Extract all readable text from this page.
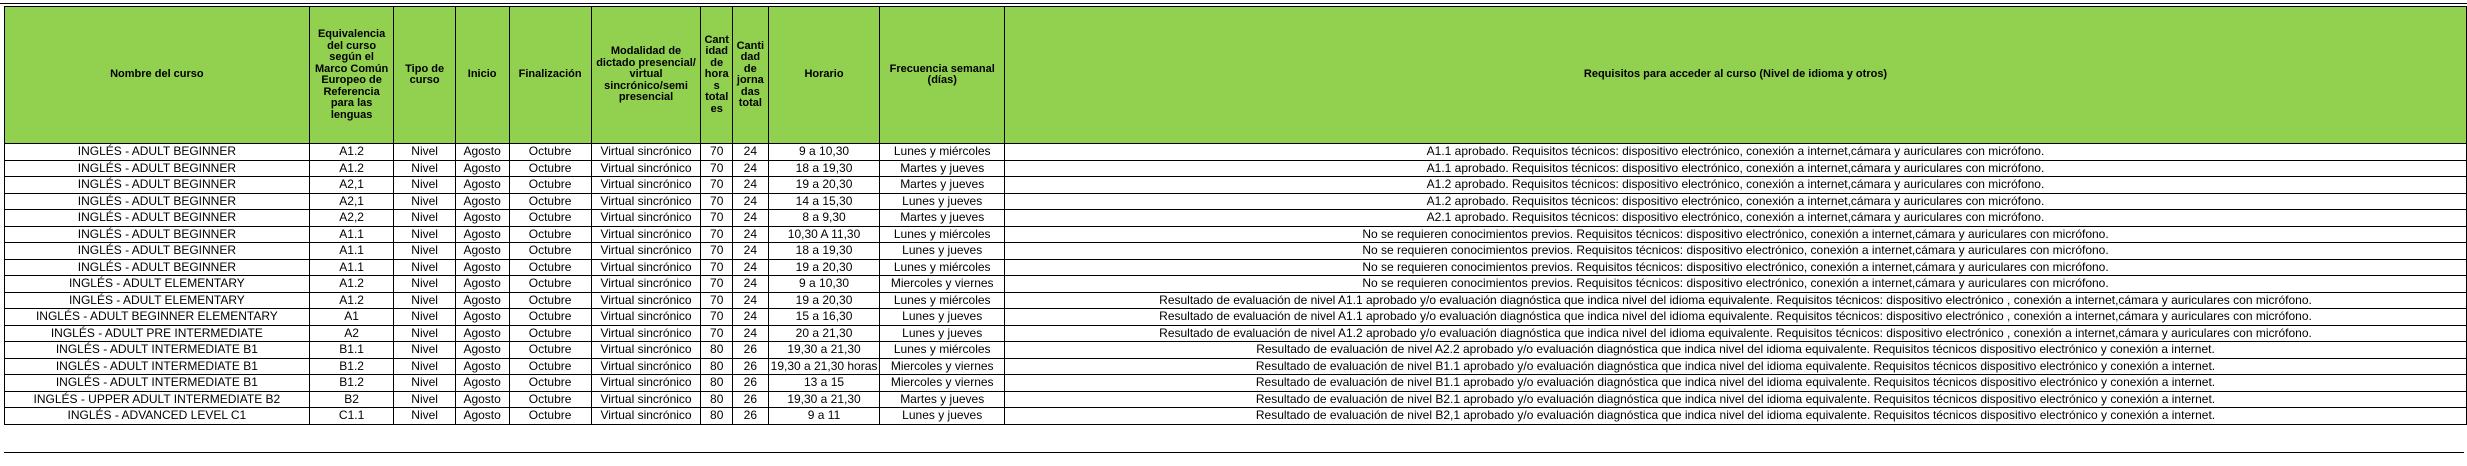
Nombre del curso	Equivalencia del curso según el Marco Común Europeo de Referencia para las lenguas	Tipo de curso	Inicio	Finalización	Modalidad de dictado presencial/ virtual sincrónico/semi presencial	Cantidad de horas totales	Cantidad de jornadas total	Horario	Frecuencia semanal (días)	Requisitos para acceder al curso (Nivel de idioma y otros)
INGLÉS - ADULT BEGINNER	A1.2	Nivel	Agosto	Octubre	Virtual sincrónico	70	24	9 a 10,30	Lunes y miércoles	A1.1 aprobado. Requisitos técnicos: dispositivo electrónico, conexión a internet,cámara y auriculares con micrófono.
INGLÉS - ADULT BEGINNER	A1.2	Nivel	Agosto	Octubre	Virtual sincrónico	70	24	18 a 19,30	Martes y jueves	A1.1 aprobado. Requisitos técnicos: dispositivo electrónico, conexión a internet,cámara y auriculares con micrófono.
INGLÉS - ADULT BEGINNER	A2,1	Nivel	Agosto	Octubre	Virtual sincrónico	70	24	19 a 20,30	Martes y jueves	A1.2 aprobado. Requisitos técnicos: dispositivo electrónico, conexión a internet,cámara y auriculares con micrófono.
INGLÉS - ADULT BEGINNER	A2,1	Nivel	Agosto	Octubre	Virtual sincrónico	70	24	14 a 15,30	Lunes y jueves	A1.2 aprobado. Requisitos técnicos: dispositivo electrónico, conexión a internet,cámara y auriculares con micrófono.
INGLÉS - ADULT BEGINNER	A2,2	Nivel	Agosto	Octubre	Virtual sincrónico	70	24	8 a 9,30	Martes y jueves	A2.1 aprobado. Requisitos técnicos: dispositivo electrónico, conexión a internet,cámara y auriculares con micrófono.
INGLÉS - ADULT BEGINNER	A1.1	Nivel	Agosto	Octubre	Virtual sincrónico	70	24	10,30 A 11,30	Lunes y miércoles	No se requieren conocimientos previos. Requisitos técnicos: dispositivo electrónico, conexión a internet,cámara y auriculares con micrófono.
INGLÉS - ADULT BEGINNER	A1.1	Nivel	Agosto	Octubre	Virtual sincrónico	70	24	18 a 19,30	Lunes y jueves	No se requieren conocimientos previos. Requisitos técnicos: dispositivo electrónico, conexión a internet,cámara y auriculares con micrófono.
INGLÉS - ADULT BEGINNER	A1.1	Nivel	Agosto	Octubre	Virtual sincrónico	70	24	19 a 20,30	Lunes y miércoles	No se requieren conocimientos previos. Requisitos técnicos: dispositivo electrónico, conexión a internet,cámara y auriculares con micrófono.
INGLÉS - ADULT ELEMENTARY	A1.2	Nivel	Agosto	Octubre	Virtual sincrónico	70	24	9 a 10,30	Miercoles y viernes	No se requieren conocimientos previos. Requisitos técnicos: dispositivo electrónico, conexión a internet,cámara y auriculares con micrófono.
INGLÉS - ADULT ELEMENTARY	A1.2	Nivel	Agosto	Octubre	Virtual sincrónico	70	24	19 a 20,30	Lunes y miércoles	Resultado de evaluación de nivel A1.1 aprobado y/o evaluación diagnóstica que indica nivel del idioma equivalente. Requisitos técnicos: dispositivo electrónico , conexión a internet,cámara y auriculares con micrófono.
INGLÉS - ADULT BEGINNER ELEMENTARY	A1	Nivel	Agosto	Octubre	Virtual sincrónico	70	24	15 a 16,30	Lunes y jueves	Resultado de evaluación de nivel A1.1 aprobado y/o evaluación diagnóstica que indica nivel del idioma equivalente. Requisitos técnicos: dispositivo electrónico , conexión a internet,cámara y auriculares con micrófono.
INGLÉS - ADULT PRE INTERMEDIATE	A2	Nivel	Agosto	Octubre	Virtual sincrónico	70	24	20 a 21,30	Lunes y jueves	Resultado de evaluación de nivel A1.2 aprobado y/o evaluación diagnóstica que indica nivel del idioma equivalente. Requisitos técnicos: dispositivo electrónico , conexión a internet,cámara y auriculares con micrófono.
INGLÉS - ADULT INTERMEDIATE B1	B1.1	Nivel	Agosto	Octubre	Virtual sincrónico	80	26	19,30 a 21,30	Lunes y miércoles	Resultado de evaluación de nivel A2.2 aprobado y/o evaluación diagnóstica que indica nivel del idioma equivalente. Requisitos técnicos dispositivo electrónico y conexión a internet.
INGLÉS - ADULT INTERMEDIATE B1	B1.2	Nivel	Agosto	Octubre	Virtual sincrónico	80	26	19,30 a 21,30 horas	Miercoles y viernes	Resultado de evaluación de nivel B1.1 aprobado y/o evaluación diagnóstica que indica nivel del idioma equivalente. Requisitos técnicos dispositivo electrónico y conexión a internet.
INGLÉS - ADULT INTERMEDIATE B1	B1.2	Nivel	Agosto	Octubre	Virtual sincrónico	80	26	13 a 15	Miercoles y viernes	Resultado de evaluación de nivel B1.1 aprobado y/o evaluación diagnóstica que indica nivel del idioma equivalente. Requisitos técnicos dispositivo electrónico y conexión a internet.
INGLÉS - UPPER ADULT INTERMEDIATE B2	B2	Nivel	Agosto	Octubre	Virtual sincrónico	80	26	19,30 a 21,30	Martes y jueves	Resultado de evaluación de nivel B2.1 aprobado y/o evaluación diagnóstica que indica nivel del idioma equivalente. Requisitos técnicos dispositivo electrónico y conexión a internet.
INGLÉS - ADVANCED LEVEL C1	C1.1	Nivel	Agosto	Octubre	Virtual sincrónico	80	26	9 a 11	Lunes y jueves	Resultado de evaluación de nivel B2,1 aprobado y/o evaluación diagnóstica que indica nivel del idioma equivalente. Requisitos técnicos dispositivo electrónico y conexión a internet.
